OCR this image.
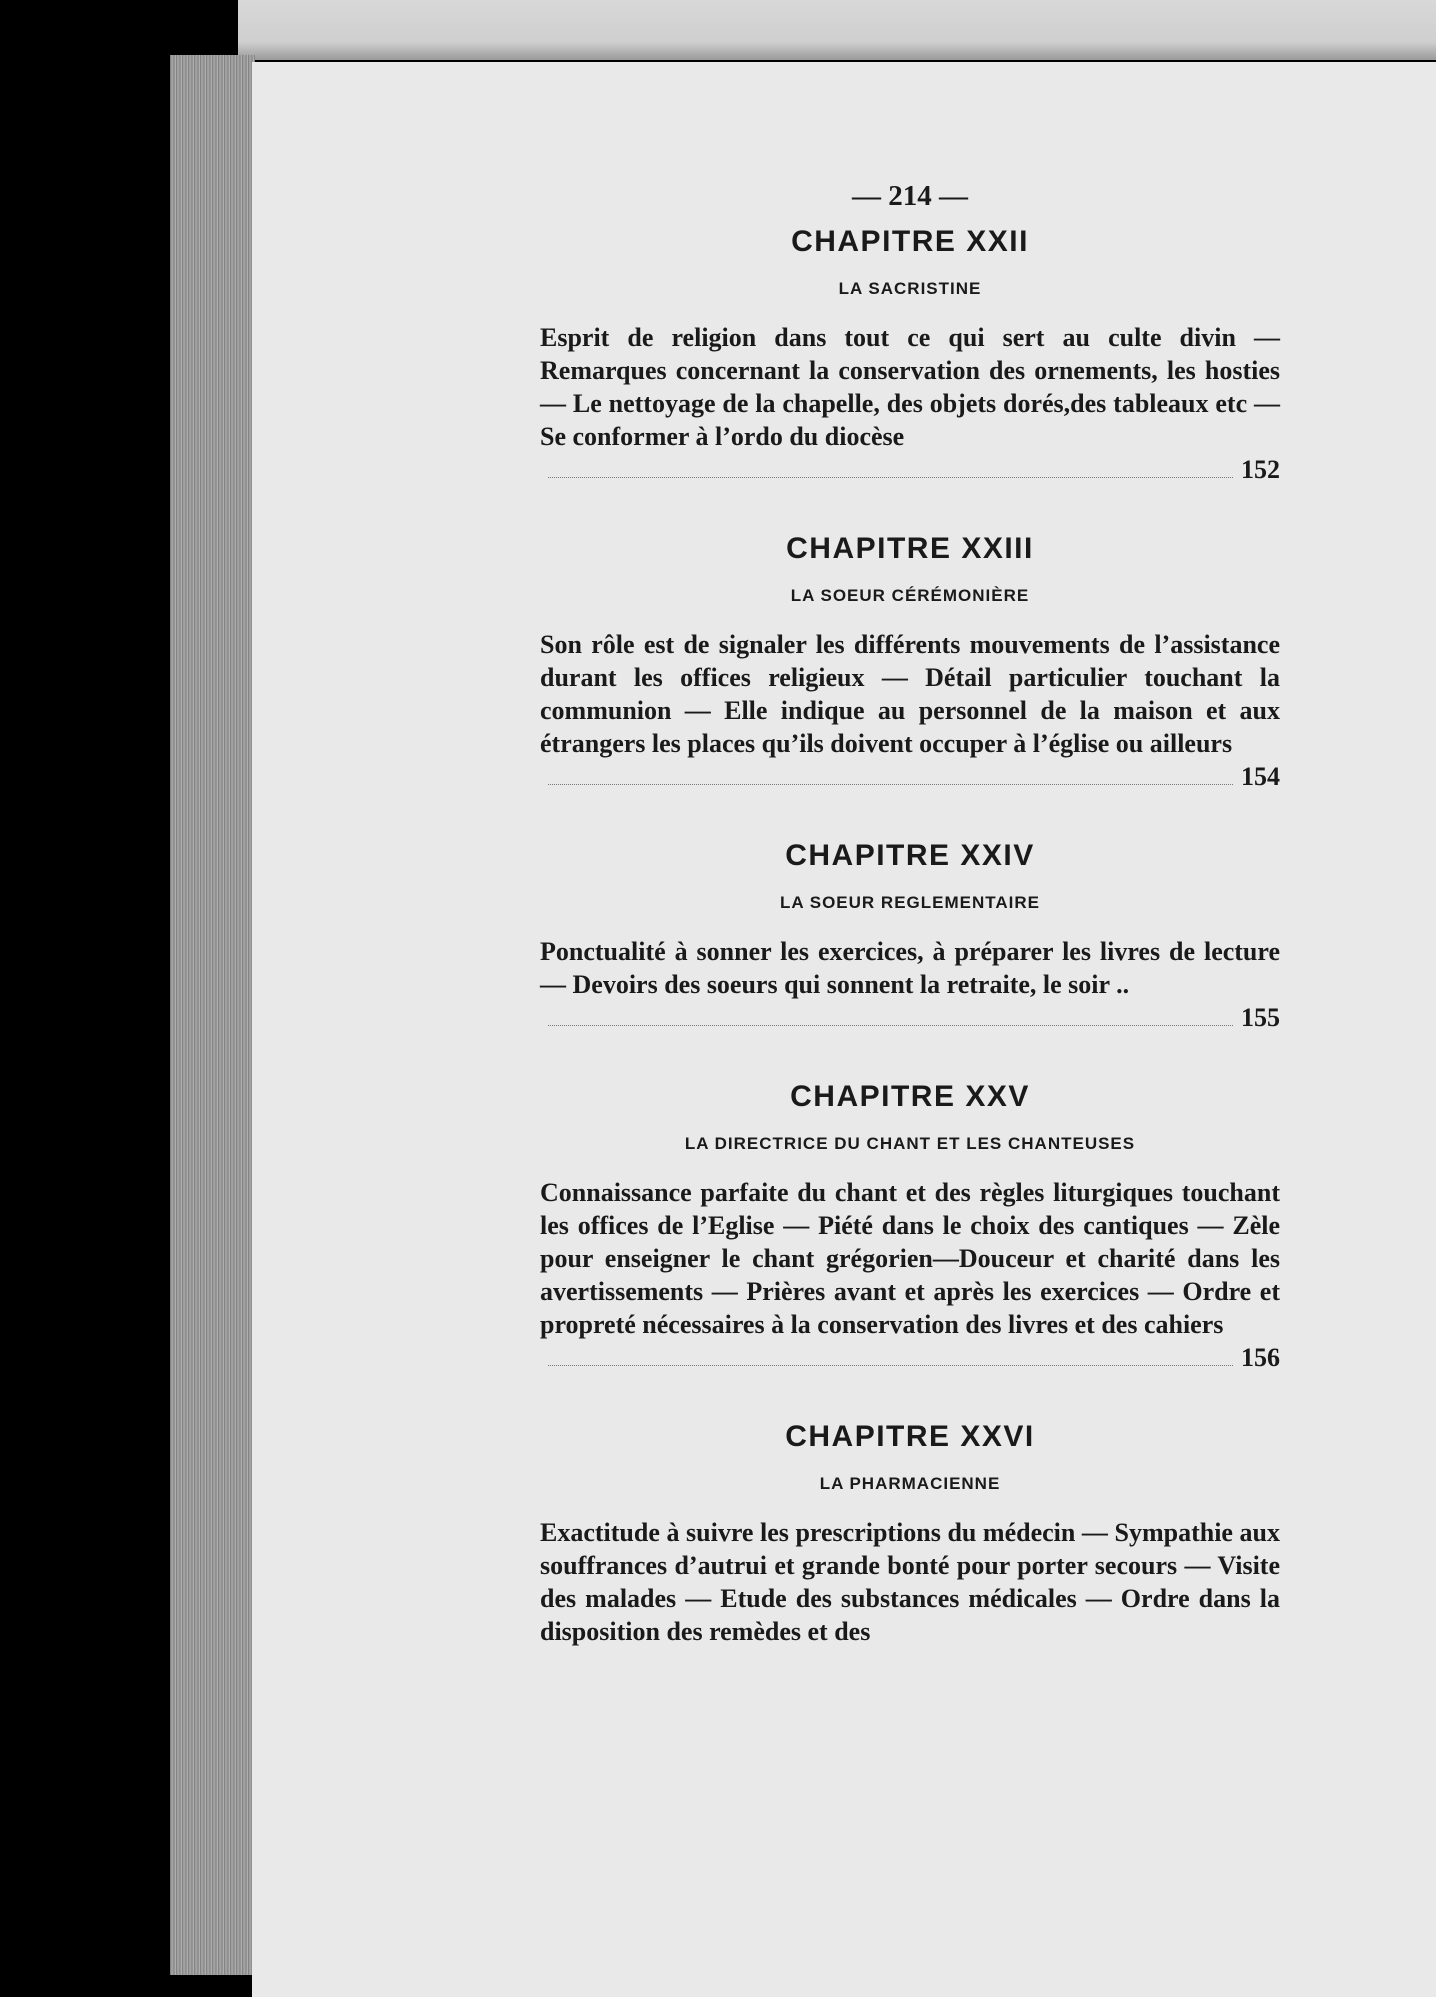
— 214 —
CHAPITRE XXII
LA SACRISTINE

Esprit de religion dans tout ce qui sert au culte divin — Remarques concernant la conservation des ornements, les hosties — Le nettoyage de la chapelle, des objets dorés,des tableaux etc — Se conformer à l’ordo du diocèse
152

CHAPITRE XXIII
LA SOEUR CÉRÉMONIÈRE

Son rôle est de signaler les différents mouvements de l’assistance durant les offices religieux — Détail particulier touchant la communion — Elle indique au personnel de la maison et aux étrangers les places qu’ils doivent occuper à l’église ou ailleurs
154

CHAPITRE XXIV
LA SOEUR REGLEMENTAIRE

Ponctualité à sonner les exercices, à préparer les livres de lecture — Devoirs des soeurs qui sonnent la retraite, le soir ..
155

CHAPITRE XXV
LA DIRECTRICE DU CHANT ET LES CHANTEUSES

Connaissance parfaite du chant et des règles liturgiques touchant les offices de l’Eglise — Piété dans le choix des cantiques — Zèle pour enseigner le chant grégorien—Douceur et charité dans les avertissements — Prières avant et après les exercices — Ordre et propreté nécessaires à la conservation des livres et des cahiers
156

CHAPITRE XXVI
LA PHARMACIENNE

Exactitude à suivre les prescriptions du médecin — Sympathie aux souffrances d’autrui et grande bonté pour porter secours — Visite des malades — Etude des substances médicales — Ordre dans la disposition des remèdes et des
